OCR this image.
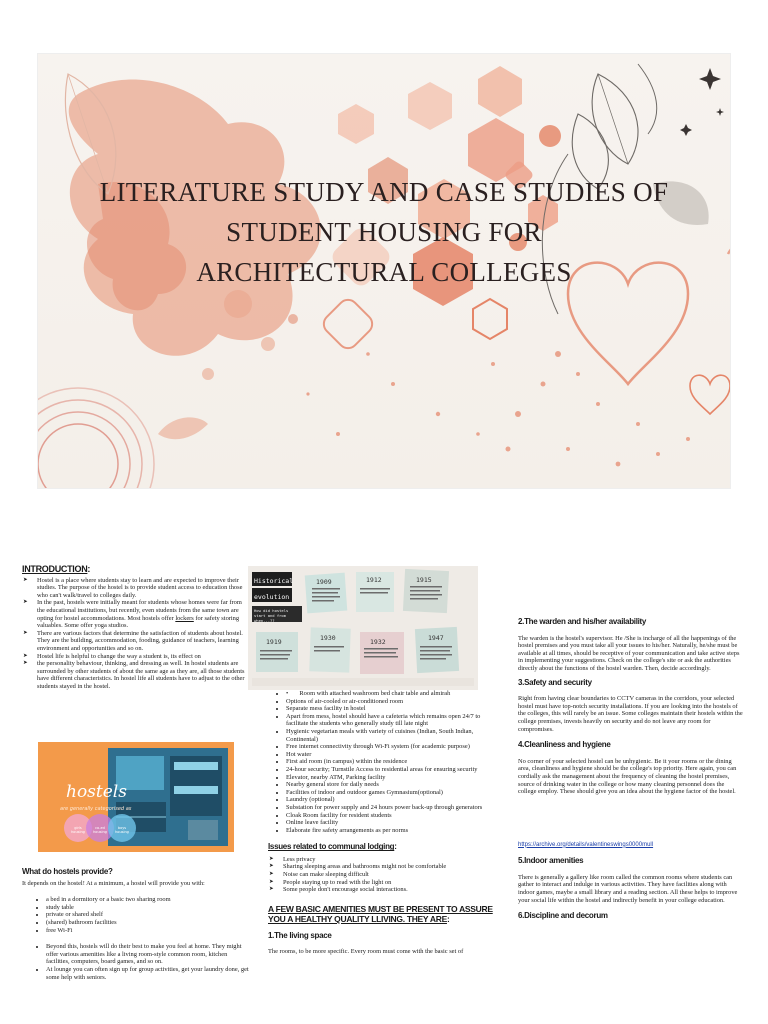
LITERATURE STUDY AND CASE STUDIES OF
STUDENT HOUSING FOR
ARCHITECTURAL COLLEGES
INTRODUCTION:
➤ Hostel is a place where students stay to learn and are expected to improve their studies. The purpose of the hostel is to provide student access to education those who can't walk/travel to colleges daily.
➤ In the past, hostels were initially meant for students whose homes were far from the educational institutions, but recently, even students from the same town are opting for hostel accommodations. Most hostels offer lockers for safety storing valuables. Some offer yoga studios.
➤ There are various factors that determine the satisfaction of students about hostel. They are the building, accommodation, fooding, guidance of teachers, learning environment and opportunities and so on.
➤ Hostel life is helpful to change the way a student is, its effect on
➤ the personality behaviour, thinking, and dressing as well. In hostel students are surrounded by other students of about the same age as they are, all those students have different characteristics. In hostel life all students have to adjust to the other students stayed in the hostel.
hostels
are generally categorised as
girls housing
co-ed housing
boys housing
What do hostels provide?

It depends on the hostel! At a minimum, a hostel will provide you with:

• a bed in a dormitory or a basic two sharing room
• study table
• private or shared shelf
• (shared) bathroom facilities
• free Wi-Fi
• Beyond this, hostels will do their best to make you feel at home. They might offer various amenities like a living room-style common room, kitchen facilities, computers, board games, and so on.
• At lounge you can often sign up for group activities, get your laundry done, get some help with seniors.
Historical
evolution
How did hostels start and from when...??
1909	1912	1915
1919	1930	1932	1947
• •       Room with attached washroom bed chair table and almirah
• Options of air-cooled or air-conditioned room
• Separate mess facility in hostel
• Apart from mess, hostel should have a cafeteria which remains open 24/7 to facilitate the students who generally study till late night
• Hygienic vegetarian meals with variety of cuisines (Indian, South Indian, Continental)
• Free internet connectivity through Wi-Fi system (for academic purpose)
• Hot water
• First aid room (in campus) within the residence
• 24-hour security; Turnstile Access to residential areas for ensuring security
• Elevator, nearby ATM, Parking facility
• Nearby general store for daily needs
• Facilities of indoor and outdoor games Gymnasium(optional)
• Laundry (optional)
• Substation for power supply and 24 hours power back-up through generators
• Cloak Room facility for resident students
• Online leave facility
• Elaborate fire safety arrangements as per norms
Issues related to communal lodging:
➤ Less privacy
➤ Sharing sleeping areas and bathrooms might not be comfortable
➤ Noise can make sleeping difficult
➤ People staying up to read with the light on
➤ Some people don't encourage social interactions.
A FEW BASIC AMENITIES MUST BE PRESENT TO ASSURE YOU A HEALTHY QUALITY LLIVING. THEY ARE:
1.The living space

The rooms, to be more specific. Every room must come with the basic set of

2.The warden and his/her availability

The warden is the hostel's supervisor. He /She is incharge of all the happenings of the hostel premises and you must take all your issues to his/her. Naturally, he/she must be available at all times, should be receptive of your communication and take active steps in implementing your suggestions. Check on the college's site or ask the authorities directly about the functions of the hostel warden. Then, decide accordingly.

3.Safety and security

Right from having clear boundaries to CCTV cameras in the corridors, your selected hostel must have top-notch security installations. If you are looking into the hostels of the colleges, this will rarely be an issue. Some colleges maintain their hostels within the college premises, invests heavily on security and do not leave any room for compromises.

4.Cleanliness and hygiene

No corner of your selected hostel can be unhygienic. Be it your rooms or the dining area, cleanliness and hygiene should be the college's top priority. Here again, you can cordially ask the management about the frequency of cleaning the hostel premises, source of drinking water in the college or how many cleaning personnel does the college employ. These should give you an idea about the hygiene factor of the hostel.

https://archive.org/details/valentineswings0000mull
5.Indoor amenities

There is generally a gallery like room called the common rooms where students can gather to interact and indulge in various activities. They have facilities along with indoor games, maybe a small library and a reading section. All these helps to improve your social life within the hostel and indirectly benefit in your college education.

6.Discipline and decorum
